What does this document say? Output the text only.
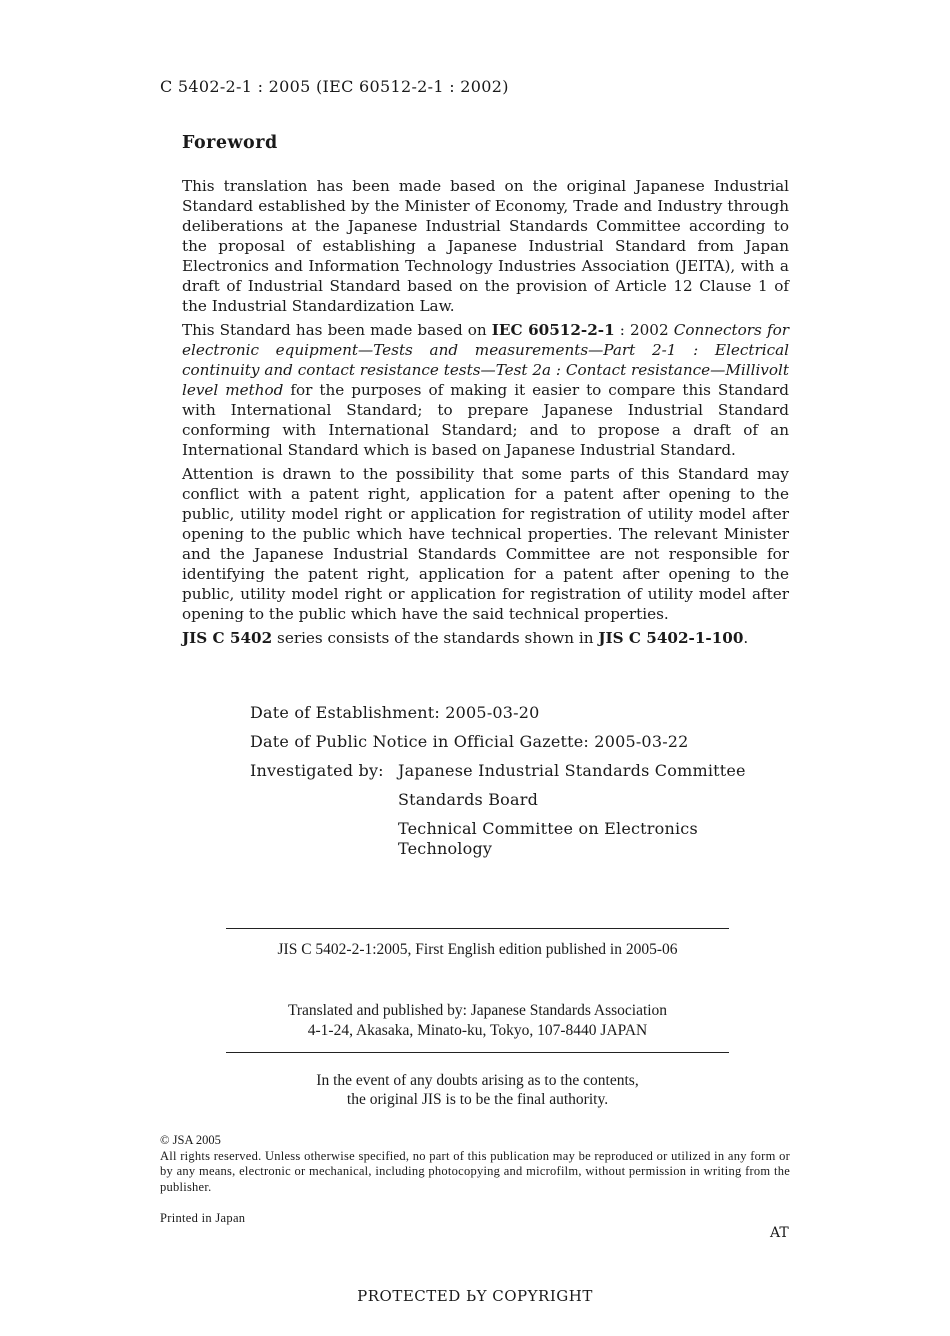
C 5402-2-1 : 2005 (IEC 60512-2-1 : 2002)
Foreword

This translation has been made based on the original Japanese Industrial Standard established by the Minister of Economy, Trade and Industry through deliberations at the Japanese Industrial Standards Committee according to the proposal of establishing a Japanese Industrial Standard from Japan Electronics and Information Technology Industries Association (JEITA), with a draft of Industrial Standard based on the provision of Article 12 Clause 1 of the Industrial Standardization Law.

This Standard has been made based on IEC 60512-2-1 : 2002 Connectors for electronic equipment—Tests and measurements—Part 2-1 : Electrical continuity and contact resistance tests—Test 2a : Contact resistance—Millivolt level method for the purposes of making it easier to compare this Standard with International Standard; to prepare Japanese Industrial Standard conforming with International Standard; and to propose a draft of an International Standard which is based on Japanese Industrial Standard.

Attention is drawn to the possibility that some parts of this Standard may conflict with a patent right, application for a patent after opening to the public, utility model right or application for registration of utility model after opening to the public which have technical properties. The relevant Minister and the Japanese Industrial Standards Committee are not responsible for identifying the patent right, application for a patent after opening to the public, utility model right or application for registration of utility model after opening to the public which have the said technical properties.

JIS C 5402 series consists of the standards shown in JIS C 5402-1-100.

Date of Establishment: 2005-03-20
Date of Public Notice in Official Gazette: 2005-03-22
Investigated by: Japanese Industrial Standards Committee
Standards Board
Technical Committee on Electronics Technology
JIS C 5402-2-1:2005, First English edition published in 2005-06
Translated and published by: Japanese Standards Association
4-1-24, Akasaka, Minato-ku, Tokyo, 107-8440 JAPAN
In the event of any doubts arising as to the contents,
the original JIS is to be the final authority.
© JSA 2005
All rights reserved. Unless otherwise specified, no part of this publication may be reproduced or utilized in any form or by any means, electronic or mechanical, including photocopying and microfilm, without permission in writing from the publisher.
Printed in Japan
AT
PROTECTED ЬY COPYRIGHT
